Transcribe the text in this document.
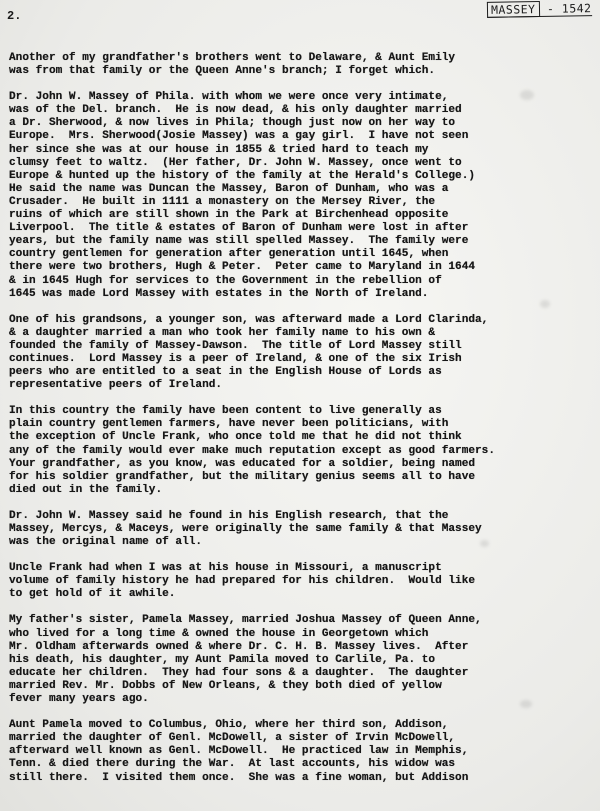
2.	MASSEY - 1542
Another of my grandfather's brothers went to Delaware, & Aunt Emily
was from that family or the Queen Anne's branch; I forget which.
Dr. John W. Massey of Phila. with whom we were once very intimate,
was of the Del. branch.  He is now dead, & his only daughter married
a Dr. Sherwood, & now lives in Phila; though just now on her way to
Europe.  Mrs. Sherwood(Josie Massey) was a gay girl.  I have not seen
her since she was at our house in 1855 & tried hard to teach my
clumsy feet to waltz.  (Her father, Dr. John W. Massey, once went to
Europe & hunted up the history of the family at the Herald's College.)
He said the name was Duncan the Massey, Baron of Dunham, who was a
Crusader.  He built in 1111 a monastery on the Mersey River, the
ruins of which are still shown in the Park at Birchenhead opposite
Liverpool.  The title & estates of Baron of Dunham were lost in after
years, but the family name was still spelled Massey.  The family were
country gentlemen for generation after generation until 1645, when
there were two brothers, Hugh & Peter.  Peter came to Maryland in 1644
& in 1645 Hugh for services to the Government in the rebellion of
1645 was made Lord Massey with estates in the North of Ireland.
One of his grandsons, a younger son, was afterward made a Lord Clarinda,
& a daughter married a man who took her family name to his own &
founded the family of Massey-Dawson.  The title of Lord Massey still
continues.  Lord Massey is a peer of Ireland, & one of the six Irish
peers who are entitled to a seat in the English House of Lords as
representative peers of Ireland.
In this country the family have been content to live generally as
plain country gentlemen farmers, have never been politicians, with
the exception of Uncle Frank, who once told me that he did not think
any of the family would ever make much reputation except as good farmers.
Your grandfather, as you know, was educated for a soldier, being named
for his soldier grandfather, but the military genius seems all to have
died out in the family.
Dr. John W. Massey said he found in his English research, that the
Massey, Mercys, & Maceys, were originally the same family & that Massey
was the original name of all.
Uncle Frank had when I was at his house in Missouri, a manuscript
volume of family history he had prepared for his children.  Would like
to get hold of it awhile.
My father's sister, Pamela Massey, married Joshua Massey of Queen Anne,
who lived for a long time & owned the house in Georgetown which
Mr. Oldham afterwards owned & where Dr. C. H. B. Massey lives.  After
his death, his daughter, my Aunt Pamila moved to Carlile, Pa. to
educate her children.  They had four sons & a daughter.  The daughter
married Rev. Mr. Dobbs of New Orleans, & they both died of yellow
fever many years ago.
Aunt Pamela moved to Columbus, Ohio, where her third son, Addison,
married the daughter of Genl. McDowell, a sister of Irvin McDowell,
afterward well known as Genl. McDowell.  He practiced law in Memphis,
Tenn. & died there during the War.  At last accounts, his widow was
still there.  I visited them once.  She was a fine woman, but Addison
